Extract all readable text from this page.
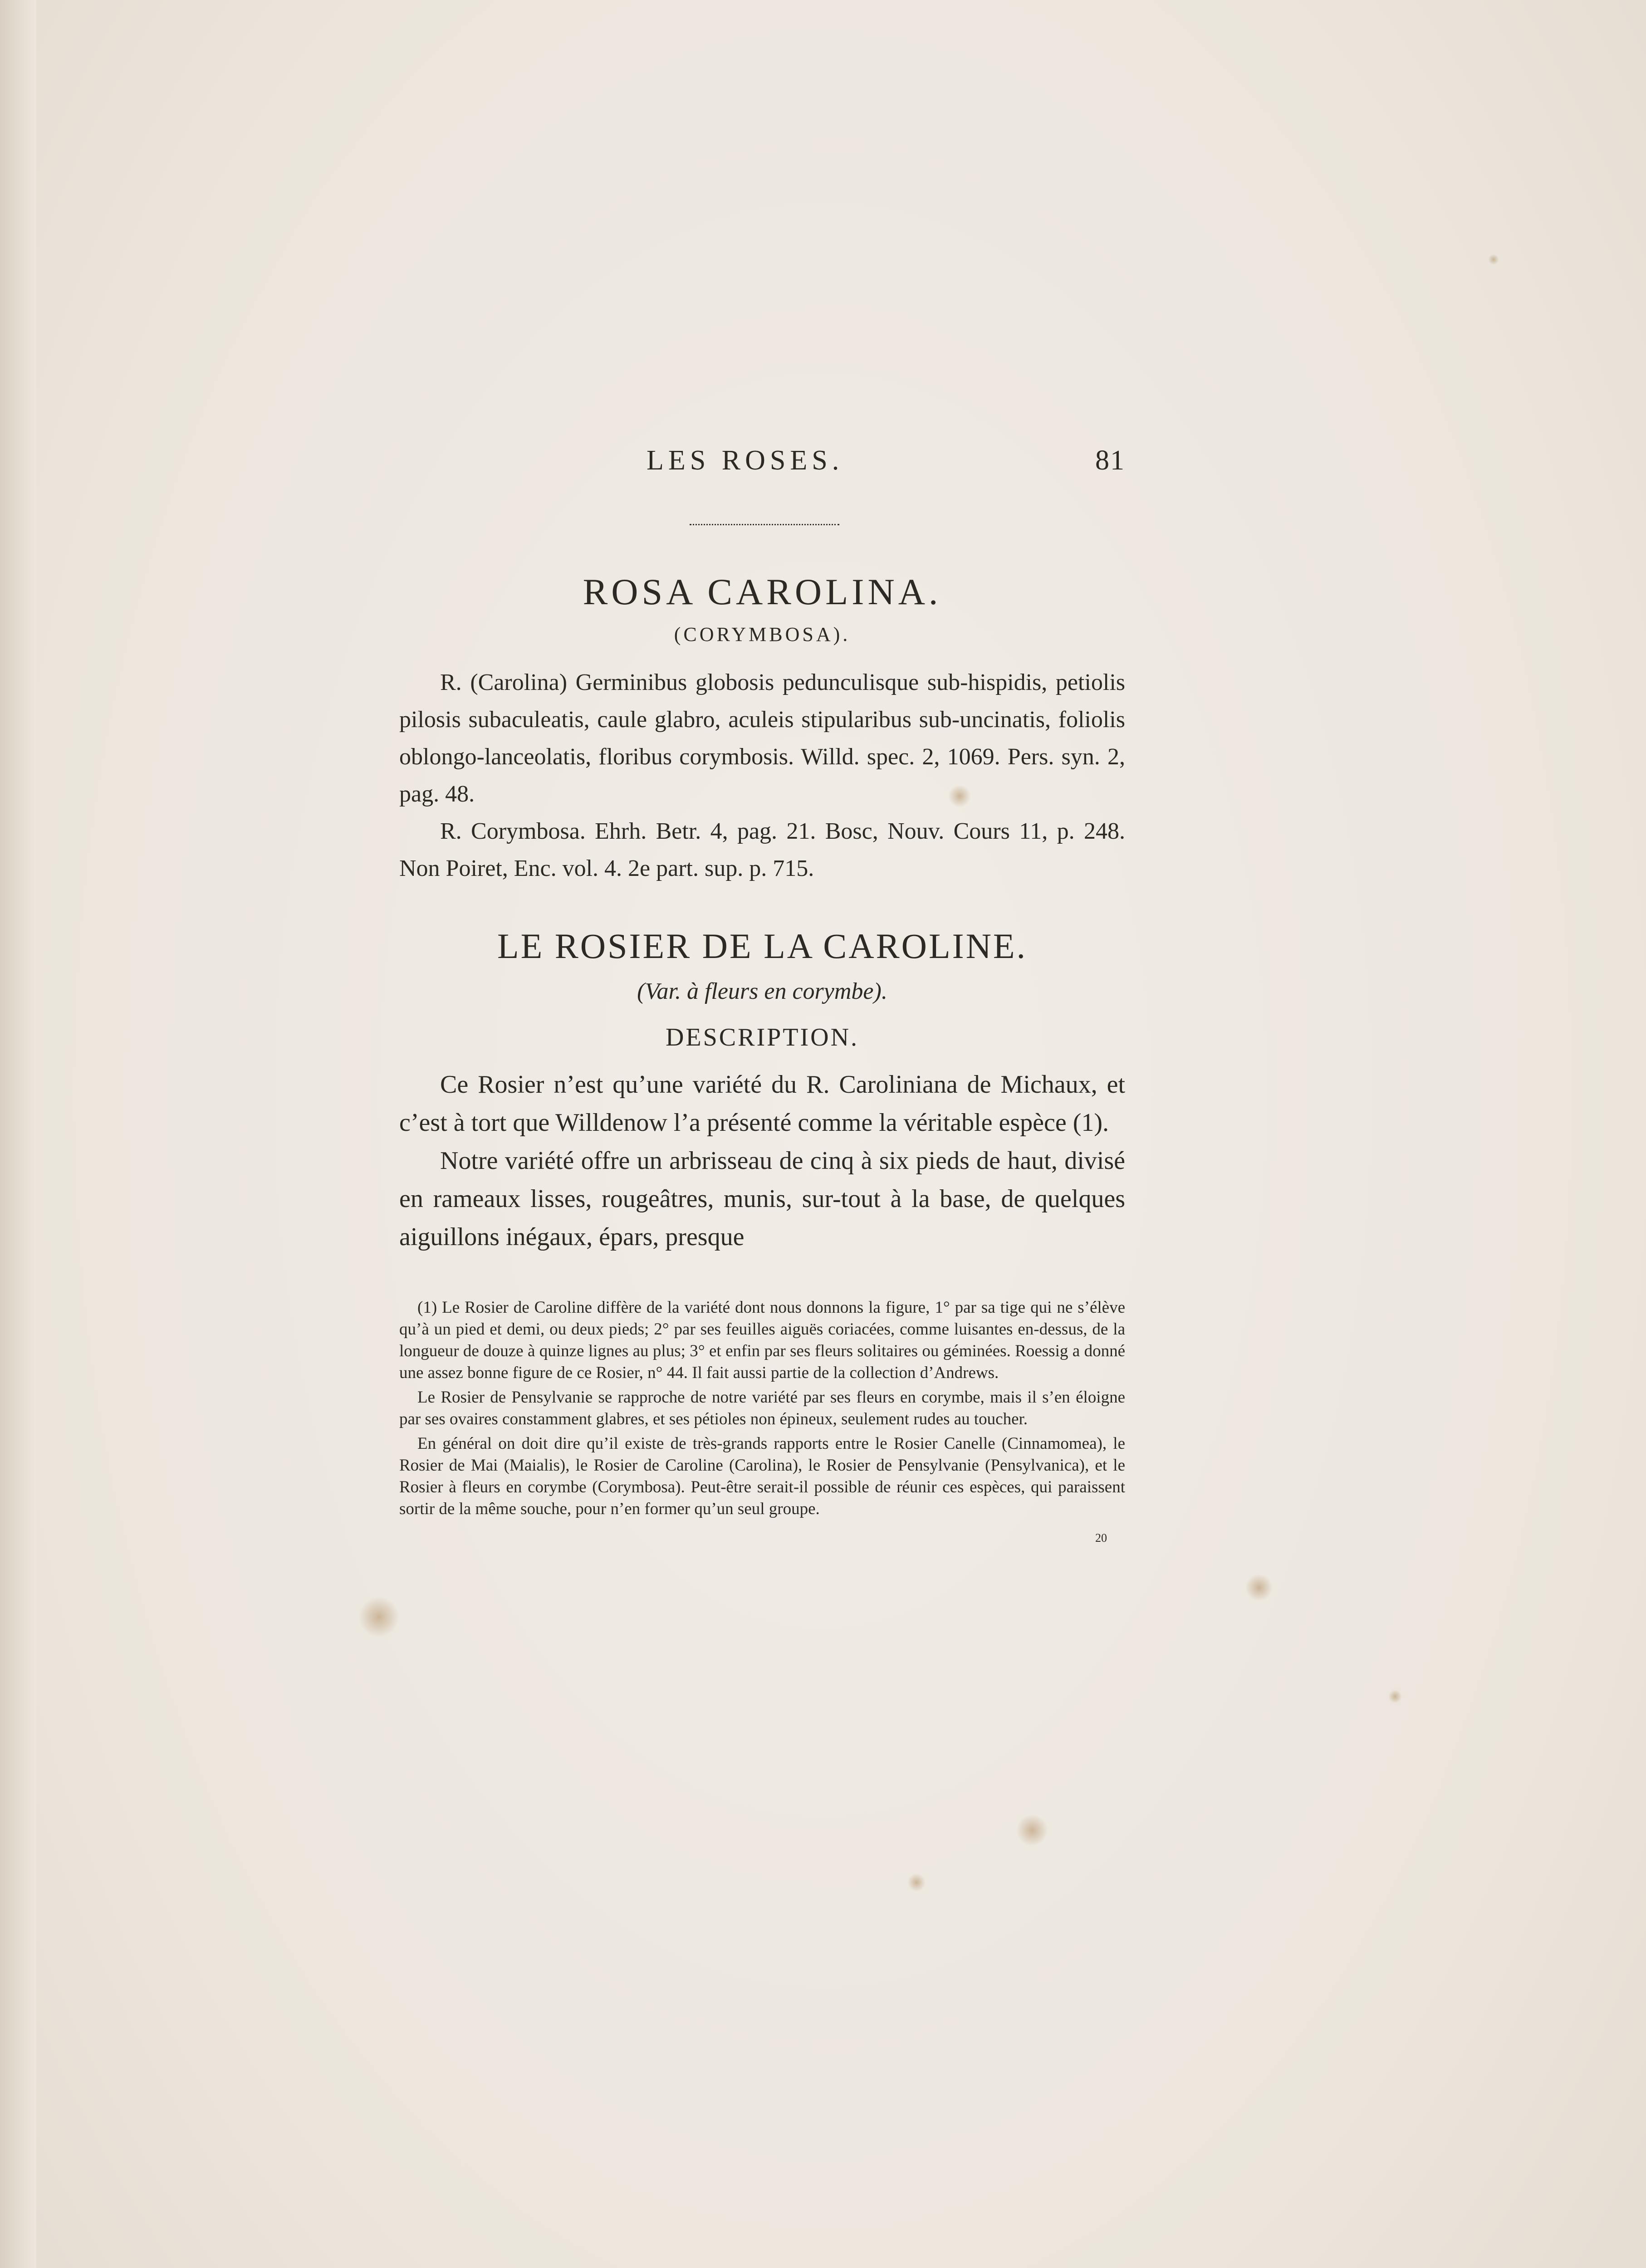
LES ROSES.	81
ROSA CAROLINA.
(CORYMBOSA).

R. (Carolina) Germinibus globosis pedunculisque sub-hispidis, petiolis pilosis subaculeatis, caule glabro, aculeis stipularibus sub-uncinatis, foliolis oblongo-lanceolatis, floribus corymbosis. Willd. spec. 2, 1069. Pers. syn. 2, pag. 48.

R. Corymbosa. Ehrh. Betr. 4, pag. 21. Bosc, Nouv. Cours 11, p. 248. Non Poiret, Enc. vol. 4. 2e part. sup. p. 715.

LE ROSIER DE LA CAROLINE.
(Var. à fleurs en corymbe).
DESCRIPTION.

Ce Rosier n’est qu’une variété du R. Caroliniana de Michaux, et c’est à tort que Willdenow l’a présenté comme la véritable espèce (1).

Notre variété offre un arbrisseau de cinq à six pieds de haut, divisé en rameaux lisses, rougeâtres, munis, sur-tout à la base, de quelques aiguillons inégaux, épars, presque

(1) Le Rosier de Caroline diffère de la variété dont nous donnons la figure, 1° par sa tige qui ne s’élève qu’à un pied et demi, ou deux pieds; 2° par ses feuilles aiguës coriacées, comme luisantes en-dessus, de la longueur de douze à quinze lignes au plus; 3° et enfin par ses fleurs solitaires ou géminées. Roessig a donné une assez bonne figure de ce Rosier, n° 44. Il fait aussi partie de la collection d’Andrews.

Le Rosier de Pensylvanie se rapproche de notre variété par ses fleurs en corymbe, mais il s’en éloigne par ses ovaires constamment glabres, et ses pétioles non épineux, seulement rudes au toucher.

En général on doit dire qu’il existe de très-grands rapports entre le Rosier Canelle (Cinnamomea), le Rosier de Mai (Maialis), le Rosier de Caroline (Carolina), le Rosier de Pensylvanie (Pensylvanica), et le Rosier à fleurs en corymbe (Corymbosa). Peut-être serait-il possible de réunir ces espèces, qui paraissent sortir de la même souche, pour n’en former qu’un seul groupe.

20
